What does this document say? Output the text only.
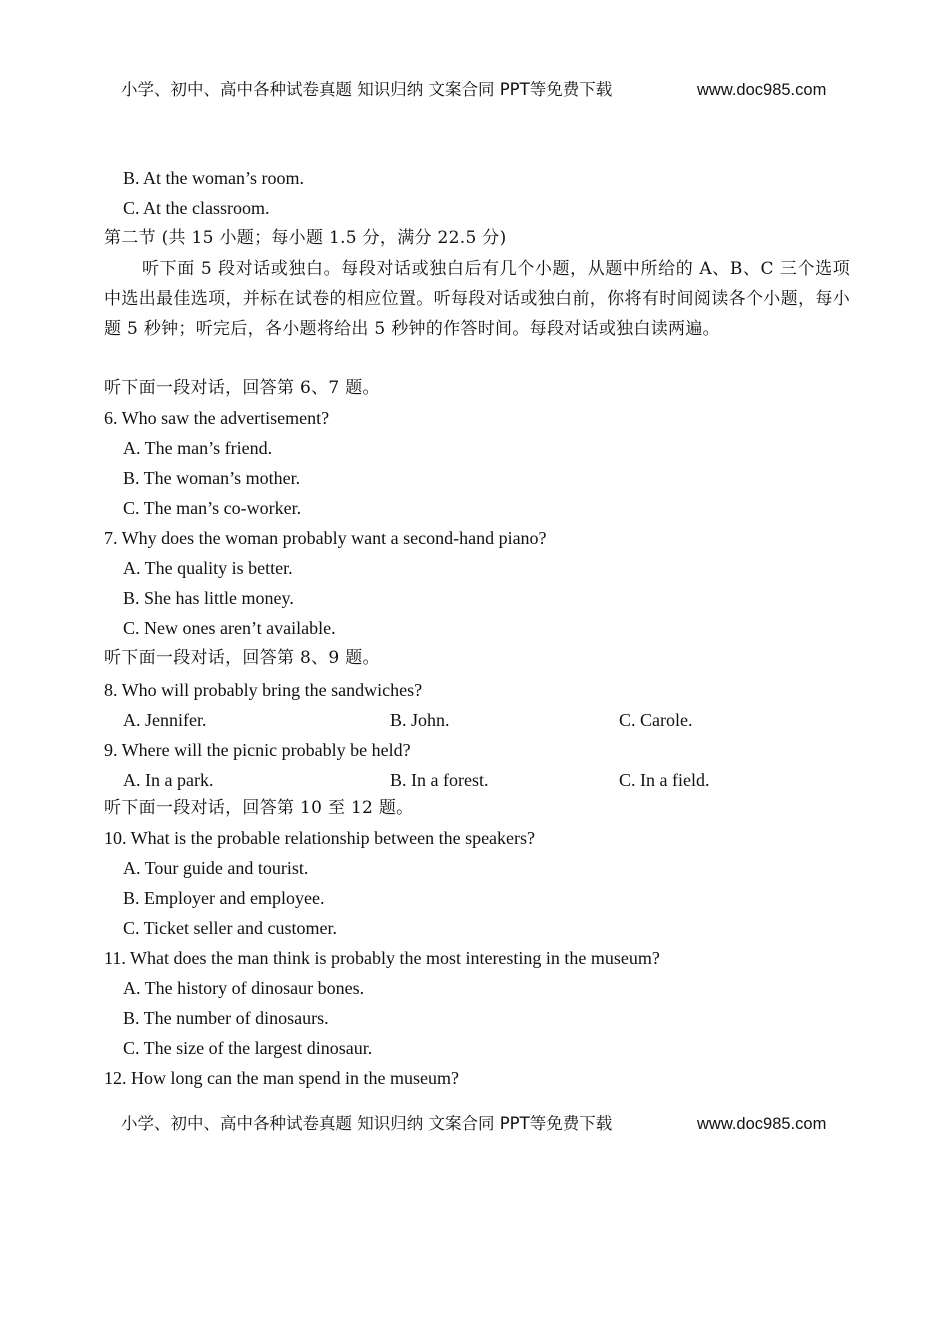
小学、初中、高中各种试卷真题 知识归纳 文案合同 PPT等免费下载	www.doc985.com
B. At the woman’s room.
C. At the classroom.
第二节 (共 15 小题；每小题 1.5 分，满分 22.5 分)
听下面 5 段对话或独白。每段对话或独白后有几个小题，从题中所给的 A、B、C 三个选项中选出最佳选项，并标在试卷的相应位置。听每段对话或独白前，你将有时间阅读各个小题，每小题 5 秒钟；听完后，各小题将给出 5 秒钟的作答时间。每段对话或独白读两遍。
听下面一段对话，回答第 6、7 题。
6. Who saw the advertisement?
A. The man’s friend.
B. The woman’s mother.
C. The man’s co-worker.
7. Why does the woman probably want a second-hand piano?
A. The quality is better.
B. She has little money.
C. New ones aren’t available.
听下面一段对话，回答第 8、9 题。
8. Who will probably bring the sandwiches?
A. Jennifer.	B. John.	C. Carole.
9. Where will the picnic probably be held?
A. In a park.	B. In a forest.	C. In a field.
听下面一段对话，回答第 10 至 12 题。
10. What is the probable relationship between the speakers?
A. Tour guide and tourist.
B. Employer and employee.
C. Ticket seller and customer.
11. What does the man think is probably the most interesting in the museum?
A. The history of dinosaur bones.
B. The number of dinosaurs.
C. The size of the largest dinosaur.
12. How long can the man spend in the museum?
小学、初中、高中各种试卷真题 知识归纳 文案合同 PPT等免费下载	www.doc985.com
